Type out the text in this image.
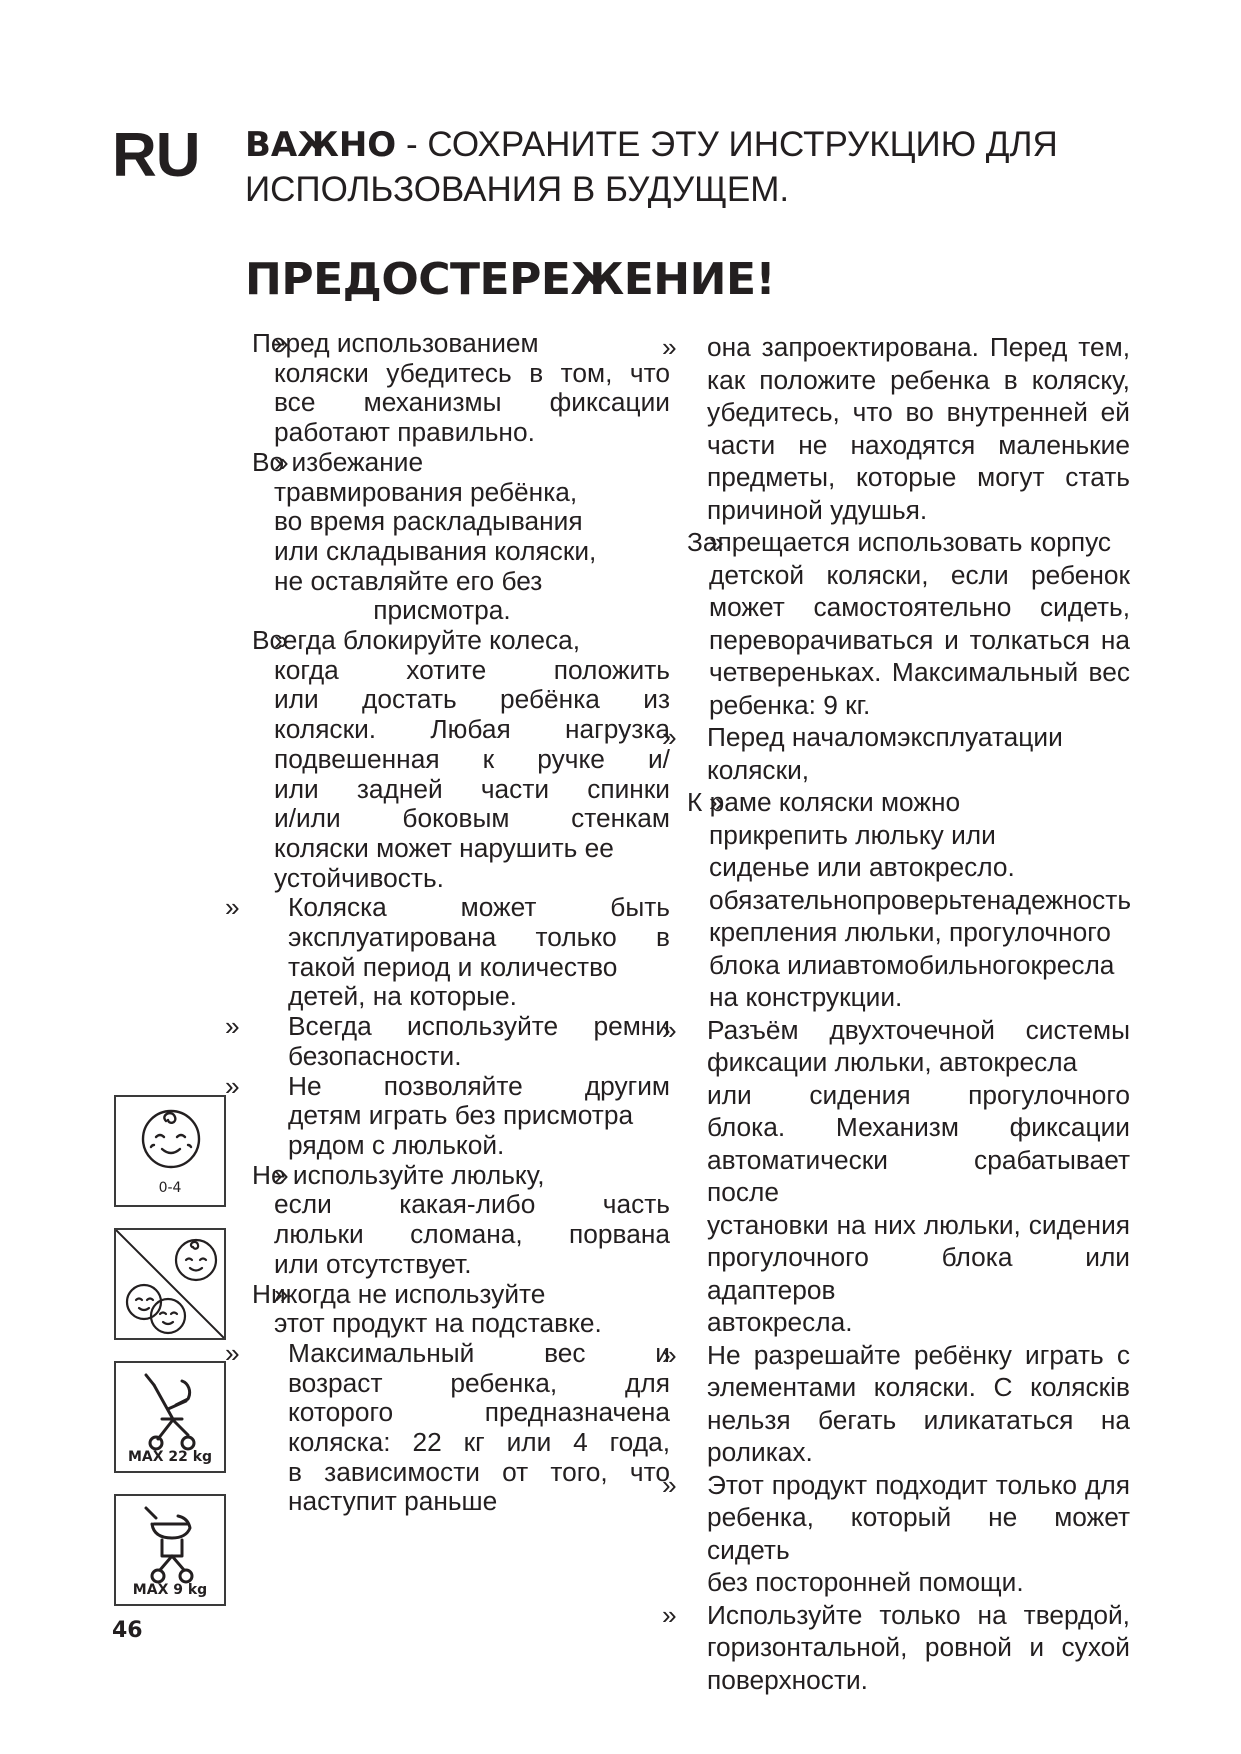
RU ВАЖНО - СОХРАНИТЕ ЭТУ ИНСТРУКЦИЮ ДЛЯ
ИСПОЛЬЗОВАНИЯ В БУДУЩЕМ.
ПРЕДОСТЕРЕЖЕНИЕ!
» Перед использованием
коляски убедитесь в том, что
все механизмы фиксации
работают правильно.
» Во избежание
травмирования ребёнка,
во время раскладывания
или складывания коляски,
не оставляйте его без
присмотра.
» Всегда блокируйте колеса,
когда хотите положить
или достать ребёнка из
коляски. Любая нагрузка
подвешенная к ручке и/
или задней части спинки
и/или боковым стенкам
коляски может нарушить ее
устойчивость.
» Коляска может быть
эксплуатирована только в
такой период и количество
детей, на которые.
» Всегда используйте ремни
безопасности.
» Не позволяйте другим
детям играть без присмотра
рядом с люлькой.
» Не используйте люльку,
если какая-либо часть
люльки сломана, порвана
или отсутствует.
» Никогда не используйте
этот продукт на подставке.
» Максимальный вес и
возраст ребенка, для
которого предназначена
коляска: 22 кг или 4 года,
в зависимости от того, что
наступит раньше
» она запроектирована. Перед тем,
как положите ребенка в коляску,
убедитесь, что во внутренней ей
части не находятся маленькие
предметы, которые могут стать
причиной удушья.
» Запрещается использовать корпус
детской коляски, если ребенок
может самостоятельно сидеть,
переворачиваться и толкаться на
четвереньках. Максимальный вес
ребенка: 9 кг.
» Перед началомэксплуатации
коляски,
» К раме коляски можно
прикрепить люльку или
сиденье или автокресло.
обязательнопроверьтенадежность
крепления люльки, прогулочного
блока илиавтомобильногокресла
на конструкции.
» Разъём двухточечной системы
фиксации люльки, автокресла
или сидения прогулочного
блока. Механизм фиксации
автоматически срабатывает после
установки на них люльки, сидения
прогулочного блока или адаптеров
автокресла.
» Не разрешайте ребёнку играть с
элементами коляски. С колясків
нельзя бегать иликататься на
роликах.
» Этот продукт подходит только для
ребенка, который не может сидеть
без посторонней помощи.
» Используйте только на твердой,
горизонтальной, ровной и сухой
поверхности.
0-4
MAX 22 kg
MAX 9 kg
46
